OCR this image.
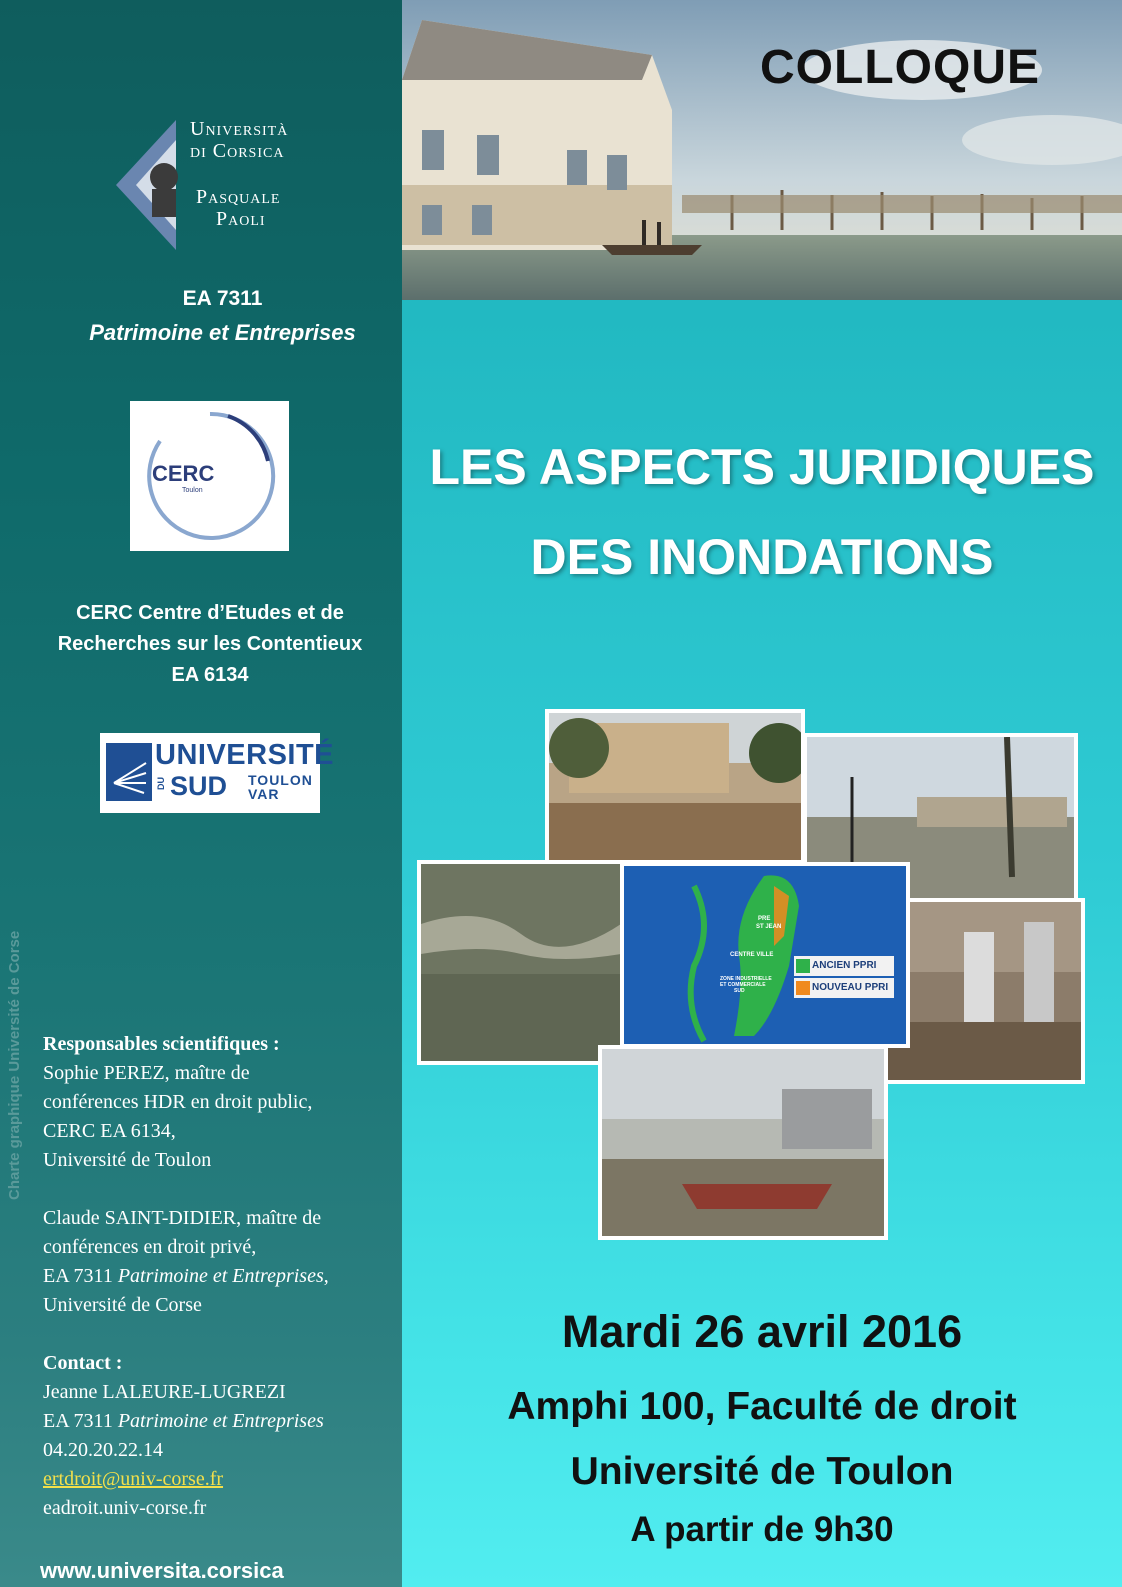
COLLOQUE
Università
di Corsica
Pasquale
Paoli
EA 7311
Patrimoine et Entreprises
CERC
Toulon
CERC Centre d’Etudes et de
Recherches sur les Contentieux
EA 6134
UNIVERSITÉ
DU SUD TOULON
VAR
Charte graphique Université de Corse Responsables scientifiques :
Sophie PEREZ, maître de
conférences HDR en droit public,
CERC EA 6134,
Université de Toulon
Claude SAINT-DIDIER, maître de
conférences en droit privé,
EA 7311 Patrimoine et Entreprises,
Université de Corse
Contact :
Jeanne LALEURE-LUGREZI
EA 7311 Patrimoine et Entreprises
04.20.20.22.14
ertdroit@univ-corse.fr
eadroit.univ-corse.fr
www.universita.corsica
LES ASPECTS JURIDIQUES
DES INONDATIONS
PRE
ST JEAN
CENTRE VILLE
ZONE INDUSTRIELLE
ET COMMERCIALE
SUD
ANCIEN PPRI
NOUVEAU PPRI
Mardi 26 avril 2016
Amphi 100, Faculté de droit
Université de Toulon
A partir de 9h30
